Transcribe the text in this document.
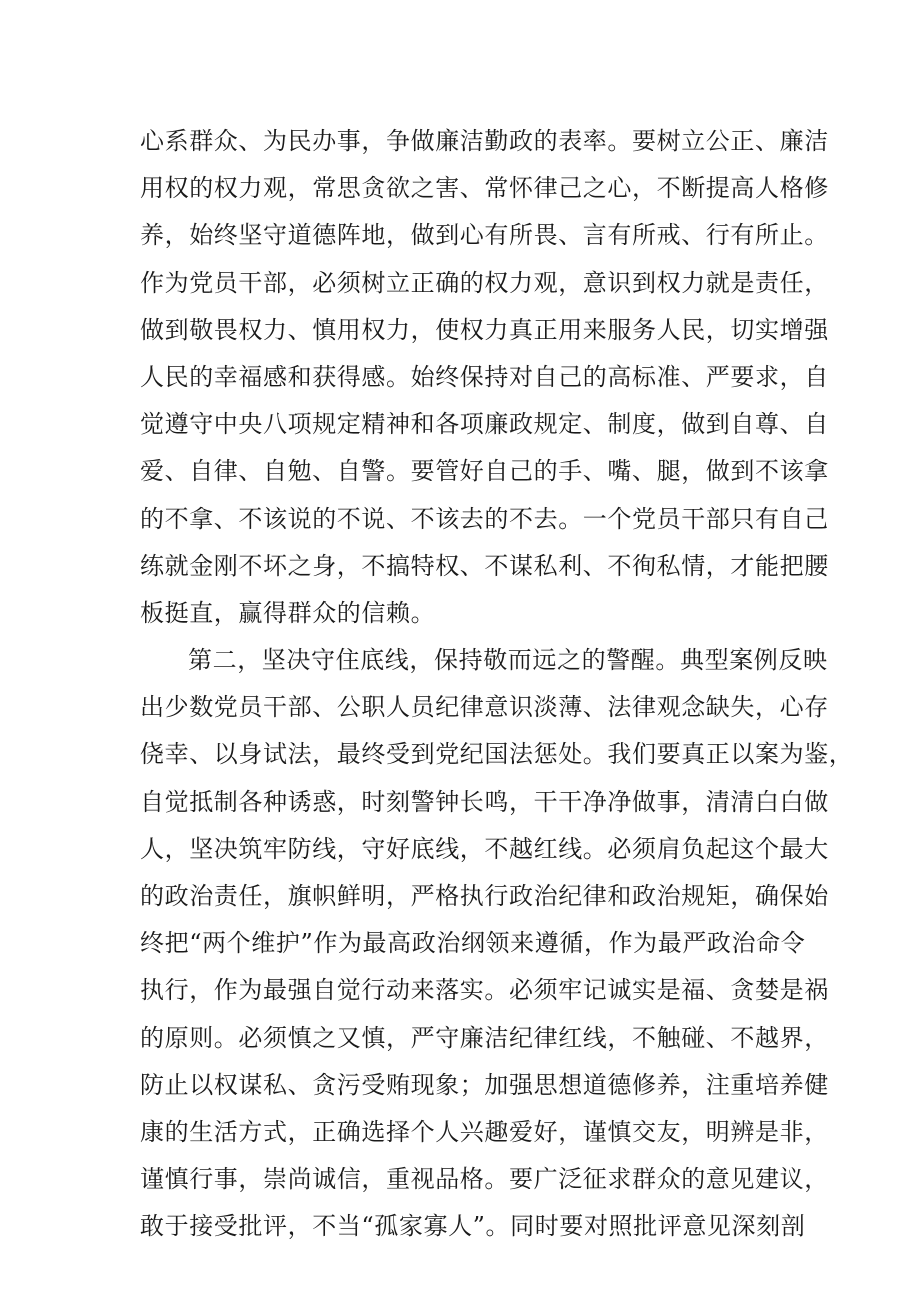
心系群众、为民办事，争做廉洁勤政的表率。要树立公正、廉洁
用权的权力观，常思贪欲之害、常怀律己之心，不断提高人格修
养，始终坚守道德阵地，做到心有所畏、言有所戒、行有所止。
作为党员干部，必须树立正确的权力观，意识到权力就是责任，
做到敬畏权力、慎用权力，使权力真正用来服务人民，切实增强
人民的幸福感和获得感。始终保持对自己的高标准、严要求，自
觉遵守中央八项规定精神和各项廉政规定、制度，做到自尊、自
爱、自律、自勉、自警。要管好自己的手、嘴、腿，做到不该拿
的不拿、不该说的不说、不该去的不去。一个党员干部只有自己
练就金刚不坏之身，不搞特权、不谋私利、不徇私情，才能把腰
板挺直，赢得群众的信赖。
第二，坚决守住底线，保持敬而远之的警醒。典型案例反映
出少数党员干部、公职人员纪律意识淡薄、法律观念缺失，心存
侥幸、以身试法，最终受到党纪国法惩处。我们要真正以案为鉴，
自觉抵制各种诱惑，时刻警钟长鸣，干干净净做事，清清白白做
人，坚决筑牢防线，守好底线，不越红线。必须肩负起这个最大
的政治责任，旗帜鲜明，严格执行政治纪律和政治规矩，确保始
终把“两个维护”作为最高政治纲领来遵循，作为最严政治命令
执行，作为最强自觉行动来落实。必须牢记诚实是福、贪婪是祸
的原则。必须慎之又慎，严守廉洁纪律红线，不触碰、不越界，
防止以权谋私、贪污受贿现象；加强思想道德修养，注重培养健
康的生活方式，正确选择个人兴趣爱好，谨慎交友，明辨是非，
谨慎行事，崇尚诚信，重视品格。要广泛征求群众的意见建议，
敢于接受批评，不当“孤家寡人”。同时要对照批评意见深刻剖
